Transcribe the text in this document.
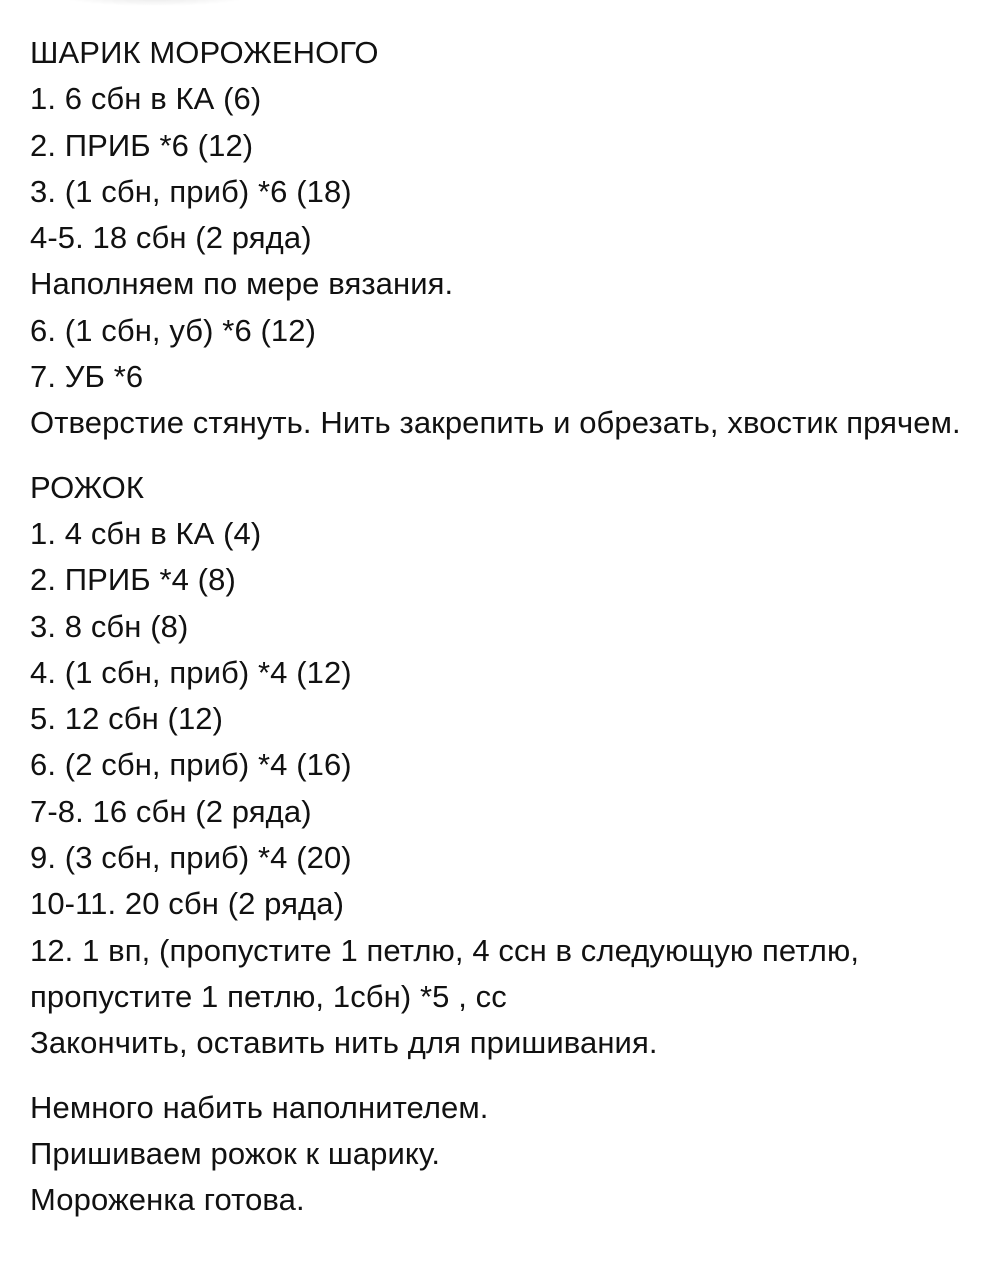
ШАРИК МОРОЖЕНОГО
1. 6 сбн в КА (6)
2. ПРИБ *6 (12)
3. (1 сбн, приб) *6 (18)
4-5. 18 сбн (2 ряда)
Наполняем по мере вязания.
6. (1 сбн, уб) *6 (12)
7. УБ *6
Отверстие стянуть. Нить закрепить и обрезать, хвостик прячем.
РОЖОК
1. 4 сбн в КА (4)
2. ПРИБ *4 (8)
3. 8 сбн (8)
4. (1 сбн, приб) *4 (12)
5. 12 сбн (12)
6. (2 сбн, приб) *4 (16)
7-8. 16 сбн (2 ряда)
9. (3 сбн, приб) *4 (20)
10-11. 20 сбн (2 ряда)
12. 1 вп, (пропустите 1 петлю, 4 ссн в следующую петлю, пропустите 1 петлю, 1сбн) *5 , сс
Закончить, оставить нить для пришивания.
Немного набить наполнителем.
Пришиваем рожок к шарику.
Мороженка готова.
